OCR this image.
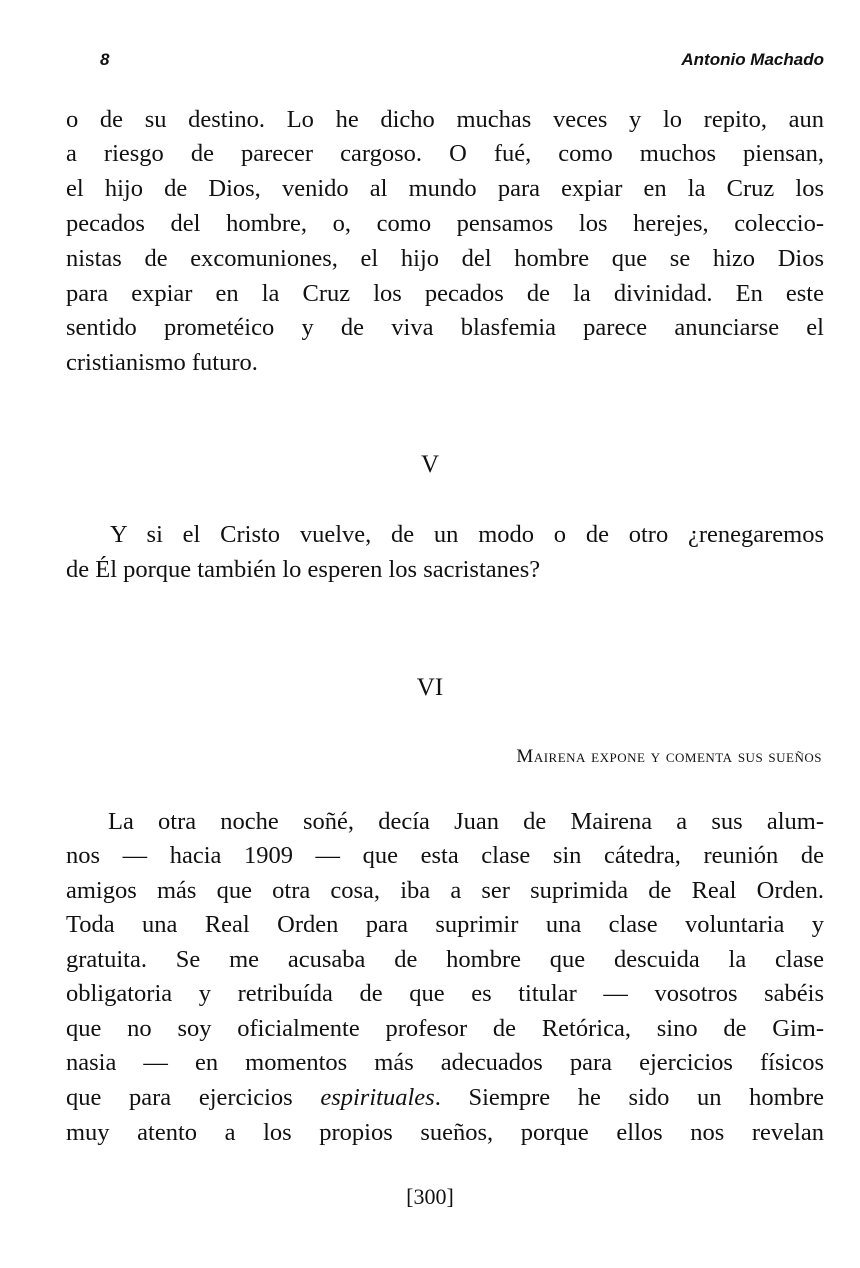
8	Antonio Machado
o de su destino. Lo he dicho muchas veces y lo repito, aun
a riesgo de parecer cargoso. O fué, como muchos piensan,
el hijo de Dios, venido al mundo para expiar en la Cruz los
pecados del hombre, o, como pensamos los herejes, coleccio-
nistas de excomuniones, el hijo del hombre que se hizo Dios
para expiar en la Cruz los pecados de la divinidad. En este
sentido prometéico y de viva blasfemia parece anunciarse el
cristianismo futuro.
V
Y si el Cristo vuelve, de un modo o de otro ¿renegaremos
de Él porque también lo esperen los sacristanes?
VI
Mairena expone y comenta sus sueños
La otra noche soñé, decía Juan de Mairena a sus alum-
nos — hacia 1909 — que esta clase sin cátedra, reunión de
amigos más que otra cosa, iba a ser suprimida de Real Orden.
Toda una Real Orden para suprimir una clase voluntaria y
gratuita. Se me acusaba de hombre que descuida la clase
obligatoria y retribuída de que es titular — vosotros sabéis
que no soy oficialmente profesor de Retórica, sino de Gim-
nasia — en momentos más adecuados para ejercicios físicos
que para ejercicios espirituales. Siempre he sido un hombre
muy atento a los propios sueños, porque ellos nos revelan
[300]
